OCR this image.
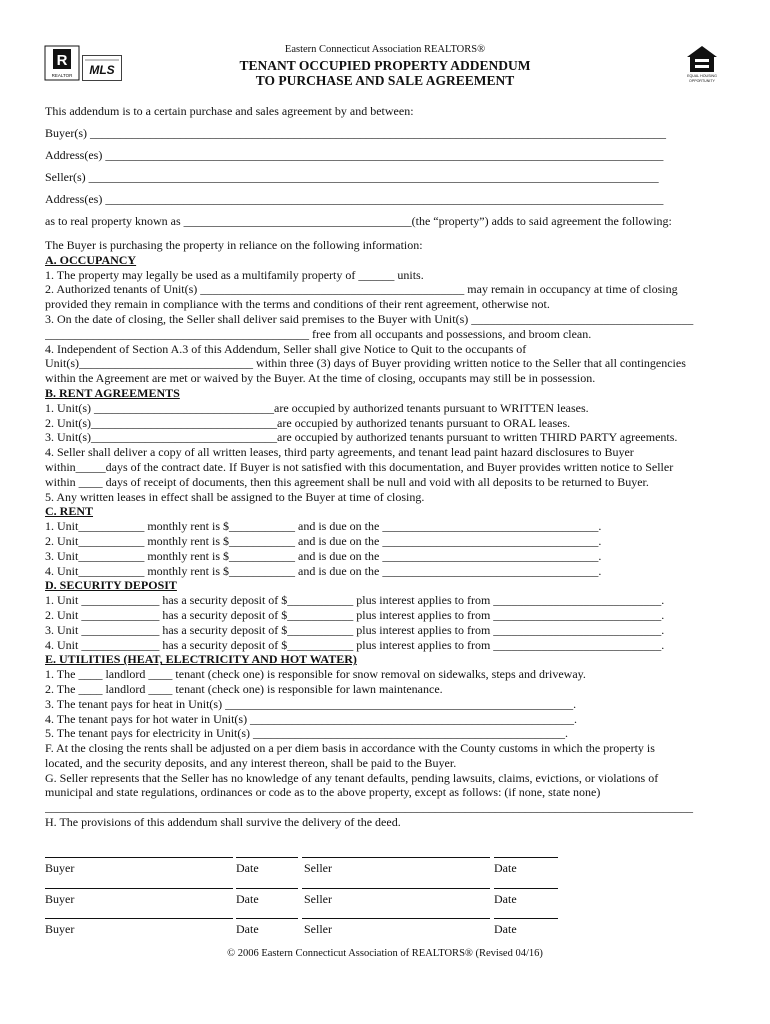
R
REALTOR MLS	EQUAL HOUSING
OPPORTUNITY
Eastern Connecticut Association REALTORS®
TENANT OCCUPIED PROPERTY ADDENDUM
TO PURCHASE AND SALE AGREEMENT
This addendum is to a certain purchase and sales agreement by and between:
Buyer(s) ________________________________________________________________________________________________
Address(es) _____________________________________________________________________________________________
Seller(s) _______________________________________________________________________________________________
Address(es) _____________________________________________________________________________________________
as to real property known as ______________________________________(the “property”) adds to said agreement the following:
The Buyer is purchasing the property in reliance on the following information:
A. OCCUPANCY
1. The property may legally be used as a multifamily property of ______ units.
2. Authorized tenants of Unit(s) ____________________________________________ may remain in occupancy at time of closing
provided they remain in compliance with the terms and conditions of their rent agreement, otherwise not.
3. On the date of closing, the Seller shall deliver said premises to the Buyer with Unit(s) _____________________________________
____________________________________________ free from all occupants and possessions, and broom clean.
4. Independent of Section A.3 of this Addendum, Seller shall give Notice to Quit to the occupants of
Unit(s)_____________________________ within three (3) days of Buyer providing written notice to the Seller that all contingencies
within the Agreement are met or waived by the Buyer. At the time of closing, occupants may still be in possession.
B. RENT AGREEMENTS
1. Unit(s) ______________________________are occupied by authorized tenants pursuant to WRITTEN leases.
2. Unit(s)_______________________________are occupied by authorized tenants pursuant to ORAL leases.
3. Unit(s)_______________________________are occupied by authorized tenants pursuant to written THIRD PARTY agreements.
4. Seller shall deliver a copy of all written leases, third party agreements, and tenant lead paint hazard disclosures to Buyer
within_____days of the contract date. If Buyer is not satisfied with this documentation, and Buyer provides written notice to Seller
within ____ days of receipt of documents, then this agreement shall be null and void with all deposits to be returned to Buyer.
5. Any written leases in effect shall be assigned to the Buyer at time of closing.
C. RENT
1. Unit___________ monthly rent is $___________ and is due on the ____________________________________.
2. Unit___________ monthly rent is $___________ and is due on the ____________________________________.
3. Unit___________ monthly rent is $___________ and is due on the ____________________________________.
4. Unit___________ monthly rent is $___________ and is due on the ____________________________________.
D. SECURITY DEPOSIT
1. Unit _____________ has a security deposit of $___________ plus interest applies to from ____________________________.
2. Unit _____________ has a security deposit of $___________ plus interest applies to from ____________________________.
3. Unit _____________ has a security deposit of $___________ plus interest applies to from ____________________________.
4. Unit _____________ has a security deposit of $___________ plus interest applies to from ____________________________.
E. UTILITIES (HEAT, ELECTRICITY AND HOT WATER)
1. The ____ landlord ____ tenant (check one) is responsible for snow removal on sidewalks, steps and driveway.
2. The ____ landlord ____ tenant (check one) is responsible for lawn maintenance.
3. The tenant pays for heat in Unit(s) __________________________________________________________.
4. The tenant pays for hot water in Unit(s) ______________________________________________________.
5. The tenant pays for electricity in Unit(s) ____________________________________________________.
F. At the closing the rents shall be adjusted on a per diem basis in accordance with the County customs in which the property is
located, and the security deposits, and any interest thereon, shall be paid to the Buyer.
G. Seller represents that the Seller has no knowledge of any tenant defaults, pending lawsuits, claims, evictions, or violations of
municipal and state regulations, ordinances or code as to the above property, except as follows: (if none, state none)
____________________________________________________________________________________________________________
H. The provisions of this addendum shall survive the delivery of the deed.
Buyer	Date	Seller	Date
Buyer	Date	Seller	Date
Buyer	Date	Seller	Date
© 2006 Eastern Connecticut Association of REALTORS® (Revised 04/16)
